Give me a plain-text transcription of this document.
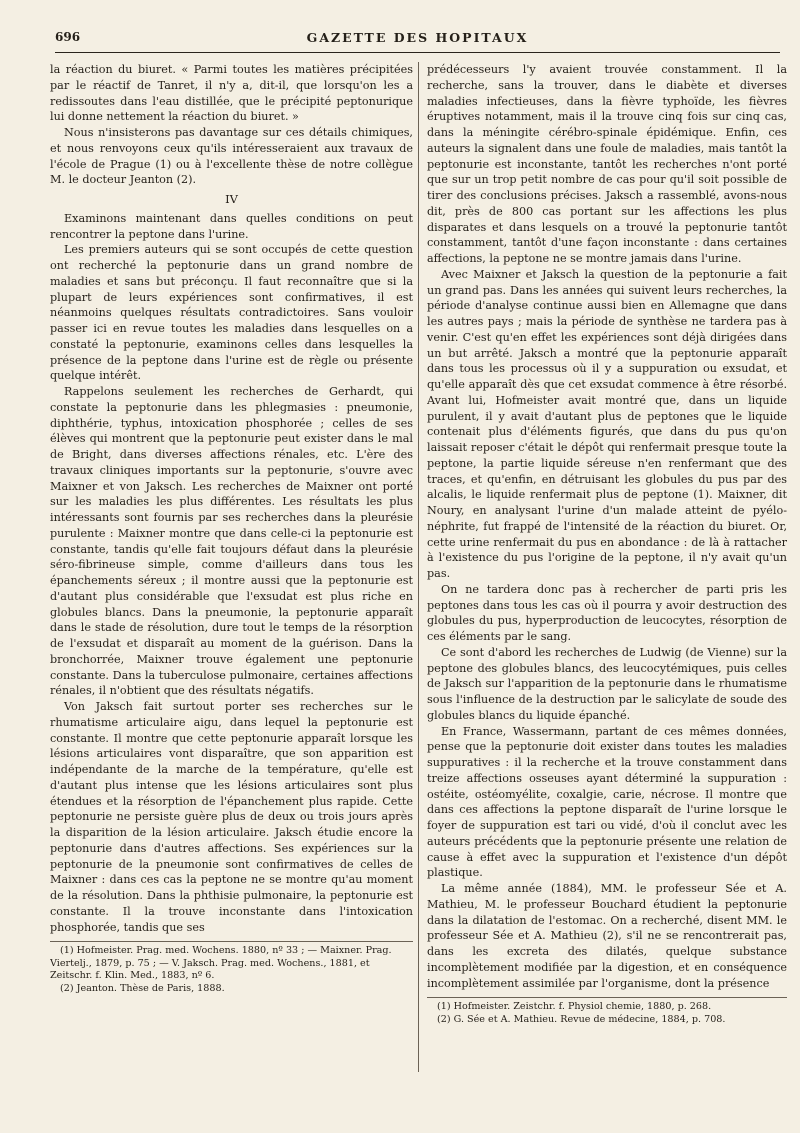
696	GAZETTE DES HOPITAUX

la réaction du biuret. « Parmi toutes les matières précipitées par le réactif de Tanret, il n'y a, dit-il, que lorsqu'on les a redissoutes dans l'eau distillée, que le précipité peptonurique lui donne nettement la réaction du biuret. »

Nous n'insisterons pas davantage sur ces détails chimiques, et nous renvoyons ceux qu'ils intéresseraient aux travaux de l'école de Prague (1) ou à l'excellente thèse de notre collègue M. le docteur Jeanton (2).

IV

Examinons maintenant dans quelles conditions on peut rencontrer la peptone dans l'urine.

Les premiers auteurs qui se sont occupés de cette question ont recherché la peptonurie dans un grand nombre de maladies et sans but préconçu. Il faut reconnaître que si la plupart de leurs expériences sont confirmatives, il est néanmoins quelques résultats contradictoires. Sans vouloir passer ici en revue toutes les maladies dans lesquelles on a constaté la peptonurie, examinons celles dans lesquelles la présence de la peptone dans l'urine est de règle ou présente quelque intérêt.

Rappelons seulement les recherches de Gerhardt, qui constate la peptonurie dans les phlegmasies : pneumonie, diphthérie, typhus, intoxication phosphorée ; celles de ses élèves qui montrent que la peptonurie peut exister dans le mal de Bright, dans diverses affections rénales, etc. L'ère des travaux cliniques importants sur la peptonurie, s'ouvre avec Maixner et von Jaksch. Les recherches de Maixner ont porté sur les maladies les plus différentes. Les résultats les plus intéressants sont fournis par ses recherches dans la pleurésie purulente : Maixner montre que dans celle-ci la peptonurie est constante, tandis qu'elle fait toujours défaut dans la pleurésie séro-fibrineuse simple, comme d'ailleurs dans tous les épanchements séreux ; il montre aussi que la peptonurie est d'autant plus considérable que l'exsudat est plus riche en globules blancs. Dans la pneumonie, la peptonurie apparaît dans le stade de résolution, dure tout le temps de la résorption de l'exsudat et disparaît au moment de la guérison. Dans la bronchorrée, Maixner trouve également une peptonurie constante. Dans la tuberculose pulmonaire, certaines affections rénales, il n'obtient que des résultats négatifs.

Von Jaksch fait surtout porter ses recherches sur le rhumatisme articulaire aigu, dans lequel la peptonurie est constante. Il montre que cette peptonurie apparaît lorsque les lésions articulaires vont disparaître, que son apparition est indépendante de la marche de la température, qu'elle est d'autant plus intense que les lésions articulaires sont plus étendues et la résorption de l'épanchement plus rapide. Cette peptonurie ne persiste guère plus de deux ou trois jours après la disparition de la lésion articulaire. Jaksch étudie encore la peptonurie dans d'autres affections. Ses expériences sur la peptonurie de la pneumonie sont confirmatives de celles de Maixner : dans ces cas la peptone ne se montre qu'au moment de la résolution. Dans la phthisie pulmonaire, la peptonurie est constante. Il la trouve inconstante dans l'intoxication phosphorée, tandis que ses

(1) Hofmeister. Prag. med. Wochens. 1880, nº 33 ; — Maixner. Prag. Viertelj., 1879, p. 75 ; — V. Jaksch. Prag. med. Wochens., 1881, et Zeitschr. f. Klin. Med., 1883, nº 6.

(2) Jeanton. Thèse de Paris, 1888.

prédécesseurs l'y avaient trouvée constamment. Il la recherche, sans la trouver, dans le diabète et diverses maladies infectieuses, dans la fièvre typhoïde, les fièvres éruptives notamment, mais il la trouve cinq fois sur cinq cas, dans la méningite cérébro-spinale épidémique. Enfin, ces auteurs la signalent dans une foule de maladies, mais tantôt la peptonurie est inconstante, tantôt les recherches n'ont porté que sur un trop petit nombre de cas pour qu'il soit possible de tirer des conclusions précises. Jaksch a rassemblé, avons-nous dit, près de 800 cas portant sur les affections les plus disparates et dans lesquels on a trouvé la peptonurie tantôt constamment, tantôt d'une façon inconstante : dans certaines affections, la peptone ne se montre jamais dans l'urine.

Avec Maixner et Jaksch la question de la peptonurie a fait un grand pas. Dans les années qui suivent leurs recherches, la période d'analyse continue aussi bien en Allemagne que dans les autres pays ; mais la période de synthèse ne tardera pas à venir. C'est qu'en effet les expériences sont déjà dirigées dans un but arrêté. Jaksch a montré que la peptonurie apparaît dans tous les processus où il y a suppuration ou exsudat, et qu'elle apparaît dès que cet exsudat commence à être résorbé. Avant lui, Hofmeister avait montré que, dans un liquide purulent, il y avait d'autant plus de peptones que le liquide contenait plus d'éléments figurés, que dans du pus qu'on laissait reposer c'était le dépôt qui renfermait presque toute la peptone, la partie liquide séreuse n'en renfermant que des traces, et qu'enfin, en détruisant les globules du pus par des alcalis, le liquide renfermait plus de peptone (1). Maixner, dit Noury, en analysant l'urine d'un malade atteint de pyélo-néphrite, fut frappé de l'intensité de la réaction du biuret. Or, cette urine renfermait du pus en abondance : de là à rattacher à l'existence du pus l'origine de la peptone, il n'y avait qu'un pas.

On ne tardera donc pas à rechercher de parti pris les peptones dans tous les cas où il pourra y avoir destruction des globules du pus, hyperproduction de leucocytes, résorption de ces éléments par le sang.

Ce sont d'abord les recherches de Ludwig (de Vienne) sur la peptone des globules blancs, des leucocytémiques, puis celles de Jaksch sur l'apparition de la peptonurie dans le rhumatisme sous l'influence de la destruction par le salicylate de soude des globules blancs du liquide épanché.

En France, Wassermann, partant de ces mêmes données, pense que la peptonurie doit exister dans toutes les maladies suppuratives : il la recherche et la trouve constamment dans treize affections osseuses ayant déterminé la suppuration : ostéite, ostéomyélite, coxalgie, carie, nécrose. Il montre que dans ces affections la peptone disparaît de l'urine lorsque le foyer de suppuration est tari ou vidé, d'où il conclut avec les auteurs précédents que la peptonurie présente une relation de cause à effet avec la suppuration et l'existence d'un dépôt plastique.

La même année (1884), MM. le professeur Sée et A. Mathieu, M. le professeur Bouchard étudient la peptonurie dans la dilatation de l'estomac. On a recherché, disent MM. le professeur Sée et A. Mathieu (2), s'il ne se rencontrerait pas, dans les excreta des dilatés, quelque substance incomplètement modifiée par la digestion, et en conséquence incomplètement assimilée par l'organisme, dont la présence

(1) Hofmeister. Zeistchr. f. Physiol chemie, 1880, p. 268.

(2) G. Sée et A. Mathieu. Revue de médecine, 1884, p. 708.
